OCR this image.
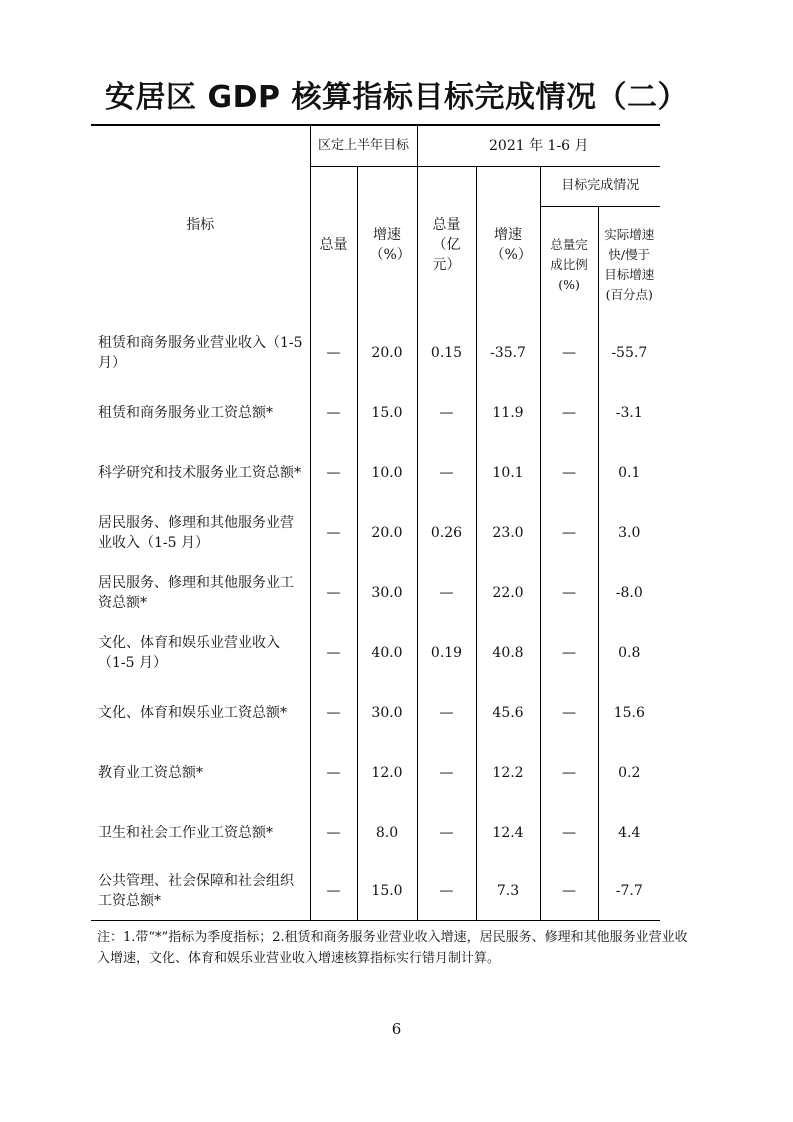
安居区 GDP 核算指标目标完成情况（二）
指标	区定上半年目标		2021 年 1-6 月			
	总量	增速（%）	总量（亿元）	增速（%）	目标完成情况	
					总量完成比例(%)	实际增速快/慢于目标增速(百分点)
租赁和商务服务业营业收入（1-5 月）	—	20.0	0.15	-35.7	—	-55.7
租赁和商务服务业工资总额*	—	15.0	—	11.9	—	-3.1
科学研究和技术服务业工资总额*	—	10.0	—	10.1	—	0.1
居民服务、修理和其他服务业营业收入（1-5 月）	—	20.0	0.26	23.0	—	3.0
居民服务、修理和其他服务业工资总额*	—	30.0	—	22.0	—	-8.0
文化、体育和娱乐业营业收入（1-5 月）	—	40.0	0.19	40.8	—	0.8
文化、体育和娱乐业工资总额*	—	30.0	—	45.6	—	15.6
教育业工资总额*	—	12.0	—	12.2	—	0.2
卫生和社会工作业工资总额*	—	8.0	—	12.4	—	4.4
公共管理、社会保障和社会组织工资总额*	—	15.0	—	7.3	—	-7.7
注：1.带“*”指标为季度指标；2.租赁和商务服务业营业收入增速，居民服务、修理和其他服务业营业收入增速，文化、体育和娱乐业营业收入增速核算指标实行错月制计算。
6
